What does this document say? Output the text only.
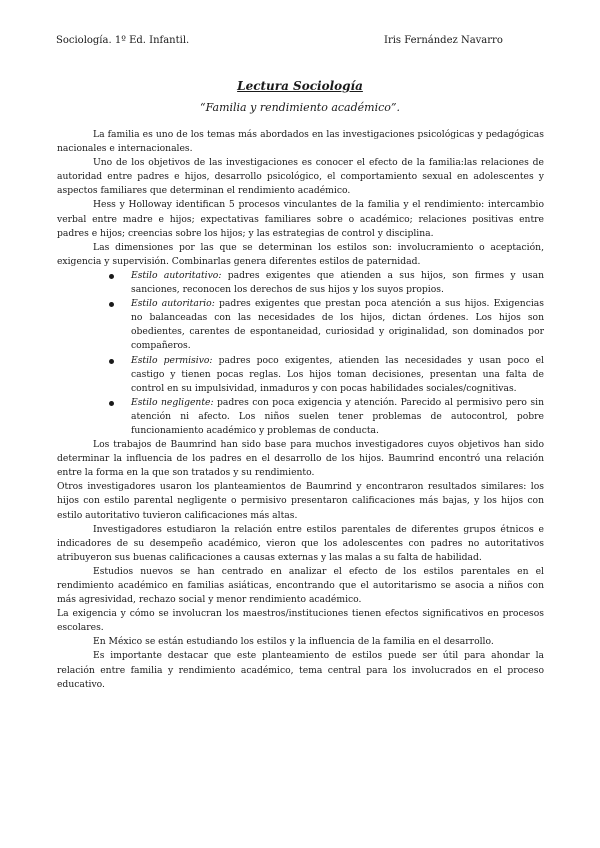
Sociología. 1º Ed. Infantil.	Iris Fernández Navarro
Lectura Sociología
“Familia y rendimiento académico”.

La familia es uno de los temas más abordados en las investigaciones psicológicas y pedagógicas nacionales e internacionales.

Uno de los objetivos de las investigaciones es conocer el efecto de la familia:las relaciones de autoridad entre padres e hijos, desarrollo psicológico, el comportamiento sexual en adolescentes y aspectos familiares que determinan el rendimiento académico.

Hess y Holloway identifican 5 procesos vinculantes de la familia y el rendimiento: intercambio verbal entre madre e hijos; expectativas familiares sobre o académico; relaciones positivas entre padres e hijos; creencias sobre los hijos; y las estrategias de control y disciplina.

Las dimensiones por las que se determinan los estilos son: involucramiento o aceptación, exigencia y supervisión. Combinarlas genera diferentes estilos de paternidad.

Estilo autoritativo: padres exigentes que atienden a sus hijos, son firmes y usan sanciones, reconocen los derechos de sus hijos y los suyos propios.
Estilo autoritario: padres exigentes que prestan poca atención a sus hijos. Exigencias no balanceadas con las necesidades de los hijos, dictan órdenes. Los hijos son obedientes, carentes de espontaneidad, curiosidad y originalidad, son dominados por compañeros.
Estilo permisivo: padres poco exigentes, atienden las necesidades y usan poco el castigo y tienen pocas reglas. Los hijos toman decisiones, presentan una falta de control en su impulsividad, inmaduros y con pocas habilidades sociales/cognitivas.
Estilo negligente: padres con poca exigencia y atención. Parecido al permisivo pero sin atención ni afecto. Los niños suelen tener problemas de autocontrol, pobre funcionamiento académico y problemas de conducta.

Los trabajos de Baumrind han sido base para muchos investigadores cuyos objetivos han sido determinar la influencia de los padres en el desarrollo de los hijos. Baumrind encontró una relación entre la forma en la que son tratados y su rendimiento.

Otros investigadores usaron los planteamientos de Baumrind y encontraron resultados similares: los hijos con estilo parental negligente o permisivo presentaron calificaciones más bajas, y los hijos con estilo autoritativo tuvieron calificaciones más altas.

Investigadores estudiaron la relación entre estilos parentales de diferentes grupos étnicos e indicadores de su desempeño académico, vieron que los adolescentes con padres no autoritativos atribuyeron sus buenas calificaciones a causas externas y las malas a su falta de habilidad.

Estudios nuevos se han centrado en analizar el efecto de los estilos parentales en el rendimiento académico en familias asiáticas, encontrando que el autoritarismo se asocia a niños con más agresividad, rechazo social y menor rendimiento académico.

La exigencia y cómo se involucran los maestros/instituciones tienen efectos significativos en procesos escolares.

En México se están estudiando los estilos y la influencia de la familia en el desarrollo.

Es importante destacar que este planteamiento de estilos puede ser útil para ahondar la relación entre familia y rendimiento académico, tema central para los involucrados en el proceso educativo.
